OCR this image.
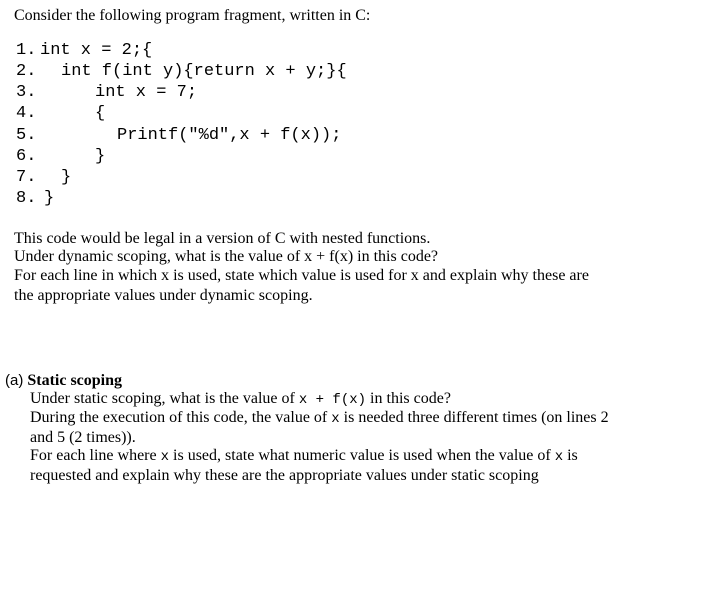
Consider the following program fragment, written in C:

1.

int x = 2;{

2.

int f(int y){return x + y;}{

3.

	int x = 7;

4.

	{

5.

	Printf("%d",x + f(x));

6.

	}

7.

}

8.

}

This code would be legal in a version of C with nested functions.
Under dynamic scoping, what is the value of x + f(x) in this code?
For each line in which x is used, state which value is used for x and explain why these are
the appropriate values under dynamic scoping.
(a) Static scoping
Under static scoping, what is the value of x + f(x) in this code?
During the execution of this code, the value of x is needed three different times (on lines 2
and 5 (2 times)).
For each line where x is used, state what numeric value is used when the value of x is
requested and explain why these are the appropriate values under static scoping
